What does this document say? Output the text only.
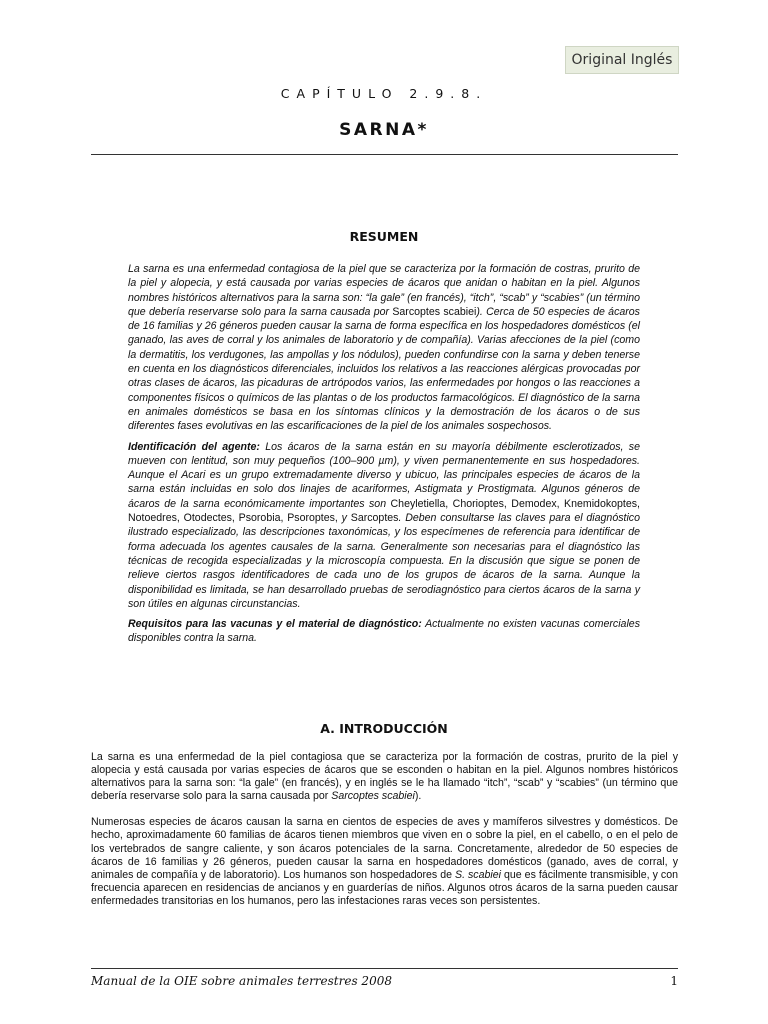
Original Inglés
CAPÍTULO 2.9.8.
SARNA*
RESUMEN

La sarna es una enfermedad contagiosa de la piel que se caracteriza por la formación de costras, prurito de la piel y alopecia, y está causada por varias especies de ácaros que anidan o habitan en la piel. Algunos nombres históricos alternativos para la sarna son: “la gale” (en francés), “itch”, “scab” y “scabies” (un término que debería reservarse solo para la sarna causada por Sarcoptes scabiei). Cerca de 50 especies de ácaros de 16 familias y 26 géneros pueden causar la sarna de forma específica en los hospedadores domésticos (el ganado, las aves de corral y los animales de laboratorio y de compañía). Varias afecciones de la piel (como la dermatitis, los verdugones, las ampollas y los nódulos), pueden confundirse con la sarna y deben tenerse en cuenta en los diagnósticos diferenciales, incluidos los relativos a las reacciones alérgicas provocadas por otras clases de ácaros, las picaduras de artrópodos varios, las enfermedades por hongos o las reacciones a componentes físicos o químicos de las plantas o de los productos farmacológicos. El diagnóstico de la sarna en animales domésticos se basa en los síntomas clínicos y la demostración de los ácaros o de sus diferentes fases evolutivas en las escarificaciones de la piel de los animales sospechosos.

Identificación del agente: Los ácaros de la sarna están en su mayoría débilmente esclerotizados, se mueven con lentitud, son muy pequeños (100–900 µm), y viven permanentemente en sus hospedadores. Aunque el Acari es un grupo extremadamente diverso y ubicuo, las principales especies de ácaros de la sarna están incluidas en solo dos linajes de acariformes, Astigmata y Prostigmata. Algunos géneros de ácaros de la sarna económicamente importantes son Cheyletiella, Chorioptes, Demodex, Knemidokoptes, Notoedres, Otodectes, Psorobia, Psoroptes, y Sarcoptes. Deben consultarse las claves para el diagnóstico ilustrado especializado, las descripciones taxonómicas, y los especímenes de referencia para identificar de forma adecuada los agentes causales de la sarna. Generalmente son necesarias para el diagnóstico las técnicas de recogida especializadas y la microscopía compuesta. En la discusión que sigue se ponen de relieve ciertos rasgos identificadores de cada uno de los grupos de ácaros de la sarna. Aunque la disponibilidad es limitada, se han desarrollado pruebas de serodiagnóstico para ciertos ácaros de la sarna y son útiles en algunas circunstancias.

Requisitos para las vacunas y el material de diagnóstico: Actualmente no existen vacunas comerciales disponibles contra la sarna.

A. INTRODUCCIÓN

La sarna es una enfermedad de la piel contagiosa que se caracteriza por la formación de costras, prurito de la piel y alopecia y está causada por varias especies de ácaros que se esconden o habitan en la piel. Algunos nombres históricos alternativos para la sarna son: “la gale” (en francés), y en inglés se le ha llamado “itch”, “scab” y “scabies” (un término que debería reservarse solo para la sarna causada por Sarcoptes scabiei).

Numerosas especies de ácaros causan la sarna en cientos de especies de aves y mamíferos silvestres y domésticos. De hecho, aproximadamente 60 familias de ácaros tienen miembros que viven en o sobre la piel, en el cabello, o en el pelo de los vertebrados de sangre caliente, y son ácaros potenciales de la sarna. Concretamente, alrededor de 50 especies de ácaros de 16 familias y 26 géneros, pueden causar la sarna en hospedadores domésticos (ganado, aves de corral, y animales de compañía y de laboratorio). Los humanos son hospedadores de S. scabiei que es fácilmente transmisible, y con frecuencia aparecen en residencias de ancianos y en guarderías de niños. Algunos otros ácaros de la sarna pueden causar enfermedades transitorias en los humanos, pero las infestaciones raras veces son persistentes.

Manual de la OIE sobre animales terrestres 2008	1
